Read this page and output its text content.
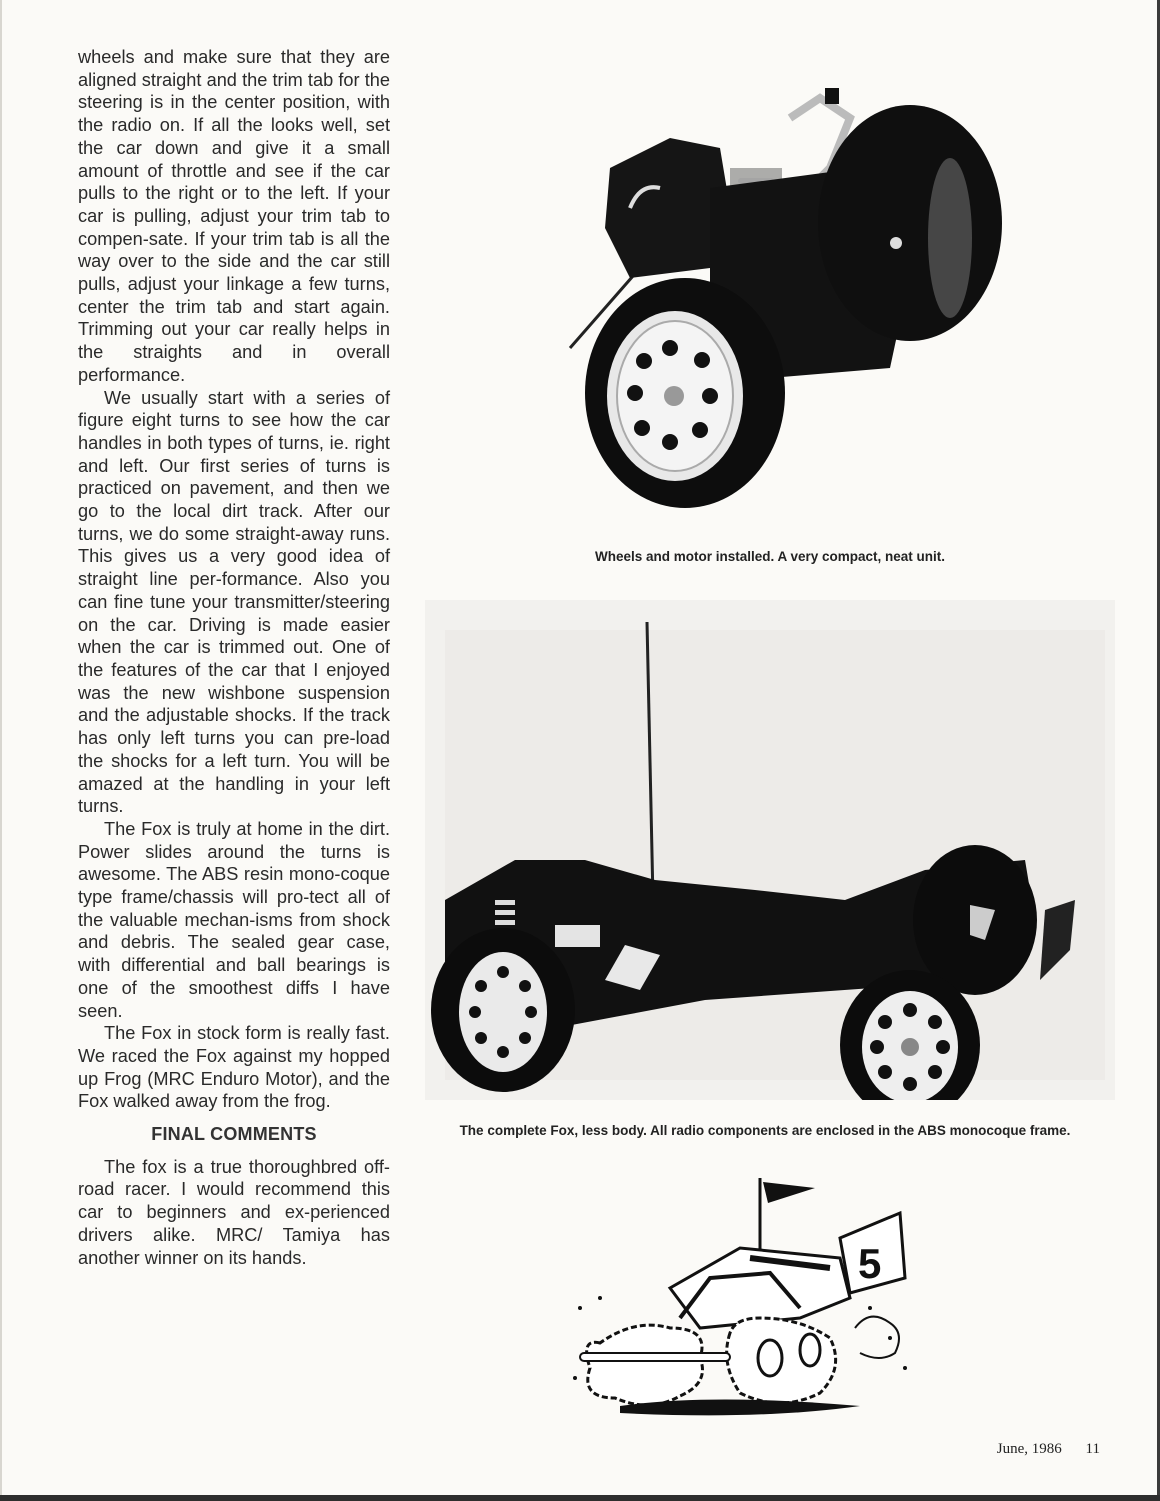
wheels and make sure that they are aligned straight and the trim tab for the steering is in the center position, with the radio on. If all the looks well, set the car down and give it a small amount of throttle and see if the car pulls to the right or to the left. If your car is pulling, adjust your trim tab to compen-sate. If your trim tab is all the way over to the side and the car still pulls, adjust your linkage a few turns, center the trim tab and start again. Trimming out your car really helps in the straights and in overall performance.

We usually start with a series of figure eight turns to see how the car handles in both types of turns, ie. right and left. Our first series of turns is practiced on pavement, and then we go to the local dirt track. After our turns, we do some straight-away runs. This gives us a very good idea of straight line per-formance. Also you can fine tune your transmitter/steering on the car. Driving is made easier when the car is trimmed out. One of the features of the car that I enjoyed was the new wishbone suspension and the adjustable shocks. If the track has only left turns you can pre-load the shocks for a left turn. You will be amazed at the handling in your left turns.

The Fox is truly at home in the dirt. Power slides around the turns is awesome. The ABS resin mono-coque type frame/chassis will pro-tect all of the valuable mechan-isms from shock and debris. The sealed gear case, with differential and ball bearings is one of the smoothest diffs I have seen.

The Fox in stock form is really fast. We raced the Fox against my hopped up Frog (MRC Enduro Motor), and the Fox walked away from the frog.

FINAL COMMENTS

The fox is a true thoroughbred off-road racer. I would recommend this car to beginners and ex-perienced drivers alike. MRC/ Tamiya has another winner on its hands.

Wheels and motor installed. A very compact, neat unit.
The complete Fox, less body. All radio components are enclosed in the ABS monocoque frame.
5
June, 1986 11
